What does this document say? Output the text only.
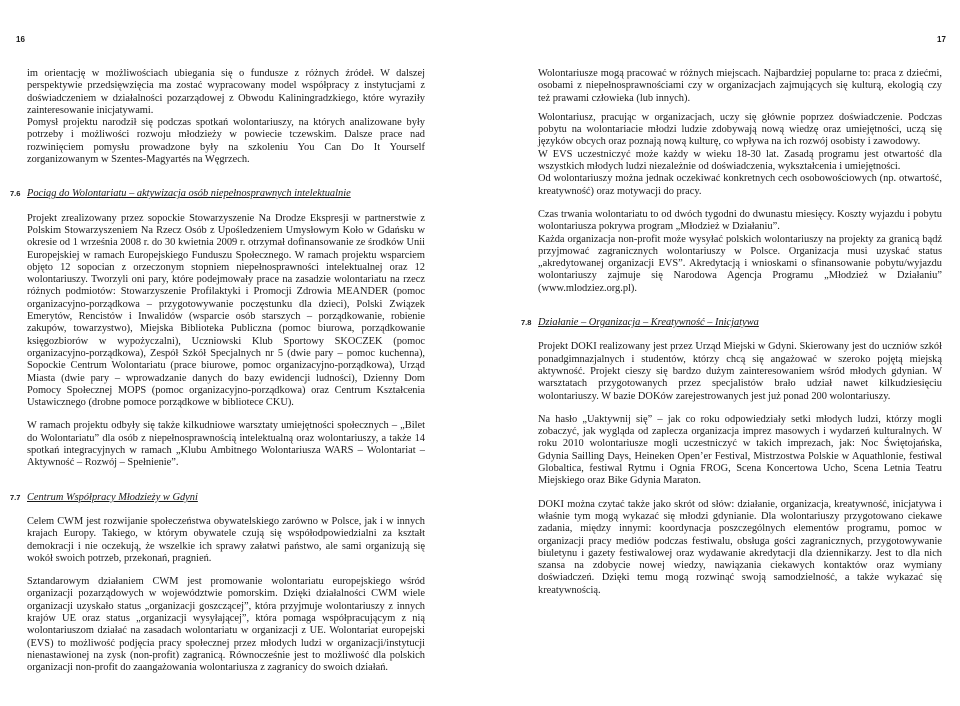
16	17

im orientację w możliwościach ubiegania się o fundusze z różnych źródeł. W dalszej perspektywie przedsięwzięcia ma zostać wypracowany model współpracy z instytucjami z doświadczeniem w działalności pozarządowej z Obwodu Kaliningradzkiego, które wyraziły zainteresowanie inicjatywami.

Pomysł projektu narodził się podczas spotkań wolontariuszy, na których analizowane były potrzeby i możliwości rozwoju młodzieży w powiecie tczewskim. Dalsze prace nad rozwinięciem pomysłu prowadzone były na szkoleniu You Can Do It Yourself zorganizowanym w Szentes-Magyartés na Węgrzech.

7.6 Pociąg do Wolontariatu – aktywizacja osób niepełnosprawnych intelektualnie

Projekt zrealizowany przez sopockie Stowarzyszenie Na Drodze Ekspresji w partnerstwie z Polskim Stowarzyszeniem Na Rzecz Osób z Upośledzeniem Umysłowym Koło w Gdańsku w okresie od 1 września 2008 r. do 30 kwietnia 2009 r. otrzymał dofinansowanie ze środków Unii Europejskiej w ramach Europejskiego Funduszu Społecznego. W ramach projektu wsparciem objęto 12 sopocian z orzeczonym stopniem niepełnosprawności intelektualnej oraz 12 wolontariuszy. Tworzyli oni pary, które podejmowały prace na zasadzie wolontariatu na rzecz różnych podmiotów: Stowarzyszenie Profilaktyki i Promocji Zdrowia MEANDER (pomoc organizacyjno-porządkowa – przygotowywanie poczęstunku dla dzieci), Polski Związek Emerytów, Rencistów i Inwalidów (wsparcie osób starszych – porządkowanie, robienie zakupów, towarzystwo), Miejska Biblioteka Publiczna (pomoc biurowa, porządkowanie księgozbiorów w wypożyczalni), Uczniowski Klub Sportowy SKOCZEK (pomoc organizacyjno-porządkowa), Zespół Szkół Specjalnych nr 5 (dwie pary – pomoc kuchenna), Sopockie Centrum Wolontariatu (prace biurowe, pomoc organizacyjno-porządkowa), Urząd Miasta (dwie pary – wprowadzanie danych do bazy ewidencji ludności), Dzienny Dom Pomocy Społecznej MOPS (pomoc organizacyjno-porządkowa) oraz Centrum Kształcenia Ustawicznego (drobne pomoce porządkowe w bibliotece CKU).

W ramach projektu odbyły się także kilkudniowe warsztaty umiejętności społecznych – „Bilet do Wolontariatu” dla osób z niepełnosprawnością intelektualną oraz wolontariuszy, a także 14 spotkań integracyjnych w ramach „Klubu Ambitnego Wolontariusza WARS – Wolontariat – Aktywność – Rozwój – Spełnienie”.

7.7 Centrum Współpracy Młodzieży w Gdyni

Celem CWM jest rozwijanie społeczeństwa obywatelskiego zarówno w Polsce, jak i w innych krajach Europy. Takiego, w którym obywatele czują się współodpowiedzialni za kształt demokracji i nie oczekują, że wszelkie ich sprawy załatwi państwo, ale sami organizują się wokół swoich potrzeb, przekonań, pragnień.

Sztandarowym działaniem CWM jest promowanie wolontariatu europejskiego wśród organizacji pozarządowych w województwie pomorskim. Dzięki działalności CWM wiele organizacji uzyskało status „organizacji goszczącej”, która przyjmuje wolontariuszy z innych krajów UE oraz status „organizacji wysyłającej”, która pomaga współpracującym z nią wolontariuszom działać na zasadach wolontariatu w organizacji z UE. Wolontariat europejski (EVS) to możliwość podjęcia pracy społecznej przez młodych ludzi w organizacji/instytucji nienastawionej na zysk (non-profit) zagranicą. Równocześnie jest to możliwość dla polskich organizacji non-profit do zaangażowania wolontariusza z zagranicy do swoich działań.

Wolontariusze mogą pracować w różnych miejscach. Najbardziej popularne to: praca z dziećmi, osobami z niepełnosprawnościami czy w organizacjach zajmujących się kulturą, ekologią czy też prawami człowieka (lub innych).

Wolontariusz, pracując w organizacjach, uczy się głównie poprzez doświadczenie. Podczas pobytu na wolontariacie młodzi ludzie zdobywają nową wiedzę oraz umiejętności, uczą się języków obcych oraz poznają nową kulturę, co wpływa na ich rozwój osobisty i zawodowy.

W EVS uczestniczyć może każdy w wieku 18-30 lat. Zasadą programu jest otwartość dla wszystkich młodych ludzi niezależnie od doświadczenia, wykształcenia i umiejętności.

Od wolontariuszy można jednak oczekiwać konkretnych cech osobowościowych (np. otwartość, kreatywność) oraz motywacji do pracy.

Czas trwania wolontariatu to od dwóch tygodni do dwunastu miesięcy. Koszty wyjazdu i pobytu wolontariusza pokrywa program „Młodzież w Działaniu”.

Każda organizacja non-profit może wysyłać polskich wolontariuszy na projekty za granicą bądź przyjmować zagranicznych wolontariuszy w Polsce. Organizacja musi uzyskać status „akredytowanej organizacji EVS”. Akredytacją i wnioskami o sfinansowanie pobytu/wyjazdu wolontariuszy zajmuje się Narodowa Agencja Programu „Młodzież w Działaniu” (www.mlodziez.org.pl).

7.8 Działanie – Organizacja – Kreatywność – Inicjatywa

Projekt DOKI realizowany jest przez Urząd Miejski w Gdyni. Skierowany jest do uczniów szkół ponadgimnazjalnych i studentów, którzy chcą się angażować w szeroko pojętą miejską aktywność. Projekt cieszy się bardzo dużym zainteresowaniem wśród młodych gdynian. W warsztatach przygotowanych przez specjalistów brało udział nawet kilkudziesięciu wolontariuszy. W bazie DOKów zarejestrowanych jest już ponad 200 wolontariuszy.

Na hasło „Uaktywnij się” – jak co roku odpowiedziały setki młodych ludzi, którzy mogli zobaczyć, jak wygląda od zaplecza organizacja imprez masowych i wydarzeń kulturalnych. W roku 2010 wolontariusze mogli uczestniczyć w takich imprezach, jak: Noc Świętojańska, Gdynia Sailling Days, Heineken Open’er Festival, Mistrzostwa Polskie w Aquathlonie, festiwal Globaltica, festiwal Rytmu i Ognia FROG, Scena Koncertowa Ucho, Scena Letnia Teatru Miejskiego oraz Bike Gdynia Maraton.

DOKI można czytać także jako skrót od słów: działanie, organizacja, kreatywność, inicjatywa i właśnie tym mogą wykazać się młodzi gdynianie. Dla wolontariuszy przygotowano ciekawe zadania, między innymi: koordynacja poszczególnych elementów programu, pomoc w organizacji pracy mediów podczas festiwalu, obsługa gości zagranicznych, przygotowywanie biuletynu i gazety festiwalowej oraz wydawanie akredytacji dla dziennikarzy. Jest to dla nich szansa na zdobycie nowej wiedzy, nawiązania ciekawych kontaktów oraz wymiany doświadczeń. Dzięki temu mogą rozwinąć swoją samodzielność, a także wykazać się kreatywnością.
